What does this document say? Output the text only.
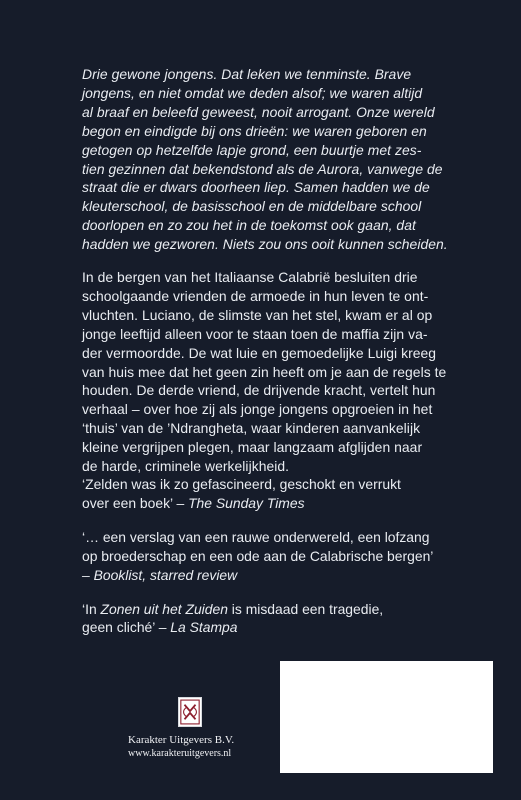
Drie gewone jongens. Dat leken we tenminste. Brave

jongens, en niet omdat we deden alsof; we waren altijd

al braaf en beleefd geweest, nooit arrogant. Onze wereld

begon en eindigde bij ons drieën: we waren geboren en

getogen op hetzelfde lapje grond, een buurtje met zes-

tien gezinnen dat bekendstond als de Aurora, vanwege de

straat die er dwars doorheen liep. Samen hadden we de

kleuterschool, de basisschool en de middelbare school

doorlopen en zo zou het in de toekomst ook gaan, dat

hadden we gezworen. Niets zou ons ooit kunnen scheiden.

In de bergen van het Italiaanse Calabrië besluiten drie

schoolgaande vrienden de armoede in hun leven te ont-

vluchten. Luciano, de slimste van het stel, kwam er al op

jonge leeftijd alleen voor te staan toen de maffia zijn va-

der vermoordde. De wat luie en gemoedelijke Luigi kreeg

van huis mee dat het geen zin heeft om je aan de regels te

houden. De derde vriend, de drijvende kracht, vertelt hun

verhaal – over hoe zij als jonge jongens opgroeien in het

‘thuis’ van de ’Ndrangheta, waar kinderen aanvankelijk

kleine vergrijpen plegen, maar langzaam afglijden naar

de harde, criminele werkelijkheid.

‘Zelden was ik zo gefascineerd, geschokt en verrukt

over een boek’ – The Sunday Times

‘… een verslag van een rauwe onderwereld, een lofzang

op broederschap en een ode aan de Calabrische bergen’

– Booklist, starred review

‘In Zonen uit het Zuiden is misdaad een tragedie,

geen cliché’ – La Stampa

Karakter Uitgevers B.V.
www.karakteruitgevers.nl
